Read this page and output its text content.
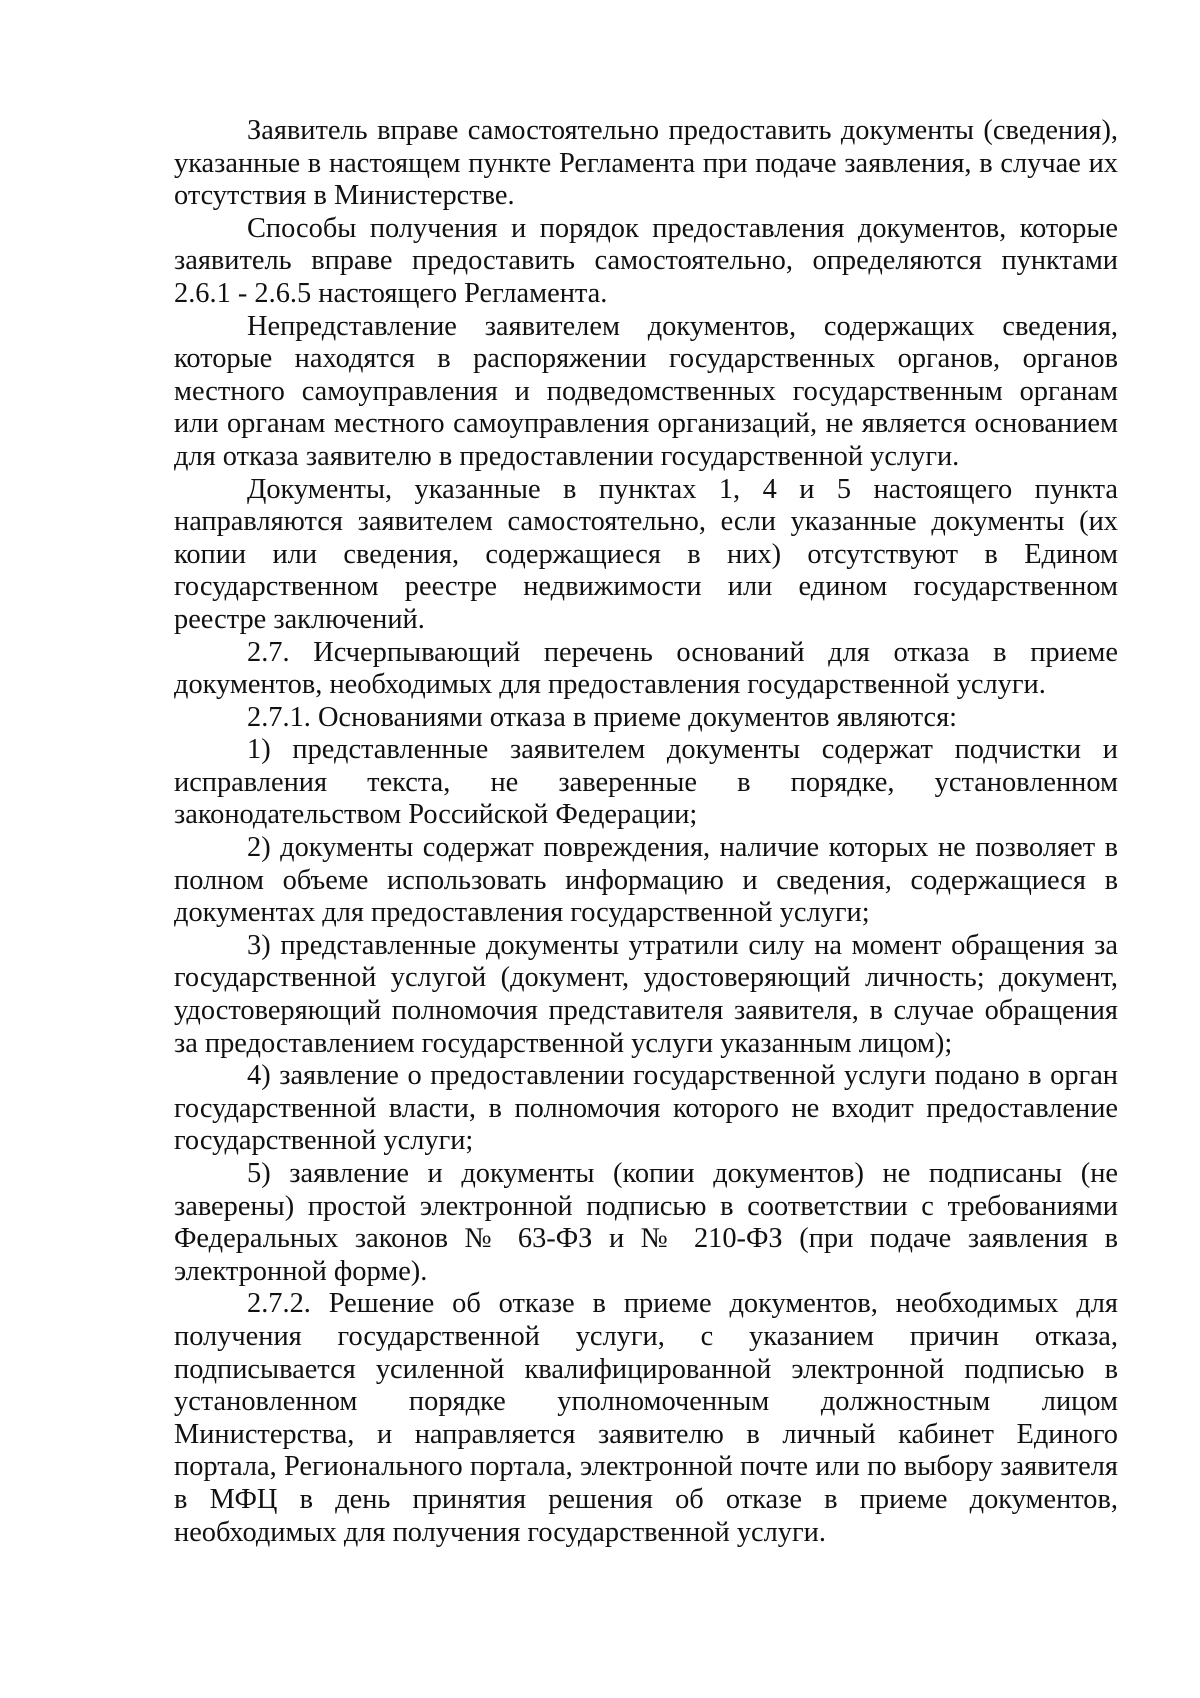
Заявитель вправе самостоятельно предоставить документы (сведения), указанные в настоящем пункте Регламента при подаче заявления, в случае их отсутствия в Министерстве.

Способы получения и порядок предоставления документов, которые заявитель вправе предоставить самостоятельно, определяются пунктами 2.6.1 - 2.6.5 настоящего Регламента.

Непредставление заявителем документов, содержащих сведения, которые находятся в распоряжении государственных органов, органов местного самоуправления и подведомственных государственным органам или органам местного самоуправления организаций, не является основанием для отказа заявителю в предоставлении государственной услуги.

Документы, указанные в пунктах 1, 4 и 5 настоящего пункта направляются заявителем самостоятельно, если указанные документы (их копии или сведения, содержащиеся в них) отсутствуют в Едином государственном реестре недвижимости или едином государственном реестре заключений.

2.7. Исчерпывающий перечень оснований для отказа в приеме документов, необходимых для предоставления государственной услуги.

2.7.1. Основаниями отказа в приеме документов являются:

1) представленные заявителем документы содержат подчистки и исправления текста, не заверенные в порядке, установленном законодательством Российской Федерации;

2) документы содержат повреждения, наличие которых не позволяет в полном объеме использовать информацию и сведения, содержащиеся в документах для предоставления государственной услуги;

3) представленные документы утратили силу на момент обращения за государственной услугой (документ, удостоверяющий личность; документ, удостоверяющий полномочия представителя заявителя, в случае обращения за предоставлением государственной услуги указанным лицом);

4) заявление о предоставлении государственной услуги подано в орган государственной власти, в полномочия которого не входит предоставление государственной услуги;

5) заявление и документы (копии документов) не подписаны (не заверены) простой электронной подписью в соответствии с требованиями Федеральных законов № 63-ФЗ и № 210-ФЗ (при подаче заявления в электронной форме).

2.7.2. Решение об отказе в приеме документов, необходимых для получения государственной услуги, с указанием причин отказа, подписывается усиленной квалифицированной электронной подписью в установленном порядке уполномоченным должностным лицом Министерства, и направляется заявителю в личный кабинет Единого портала, Регионального портала, электронной почте или по выбору заявителя в МФЦ в день принятия решения об отказе в приеме документов, необходимых для получения государственной услуги.
